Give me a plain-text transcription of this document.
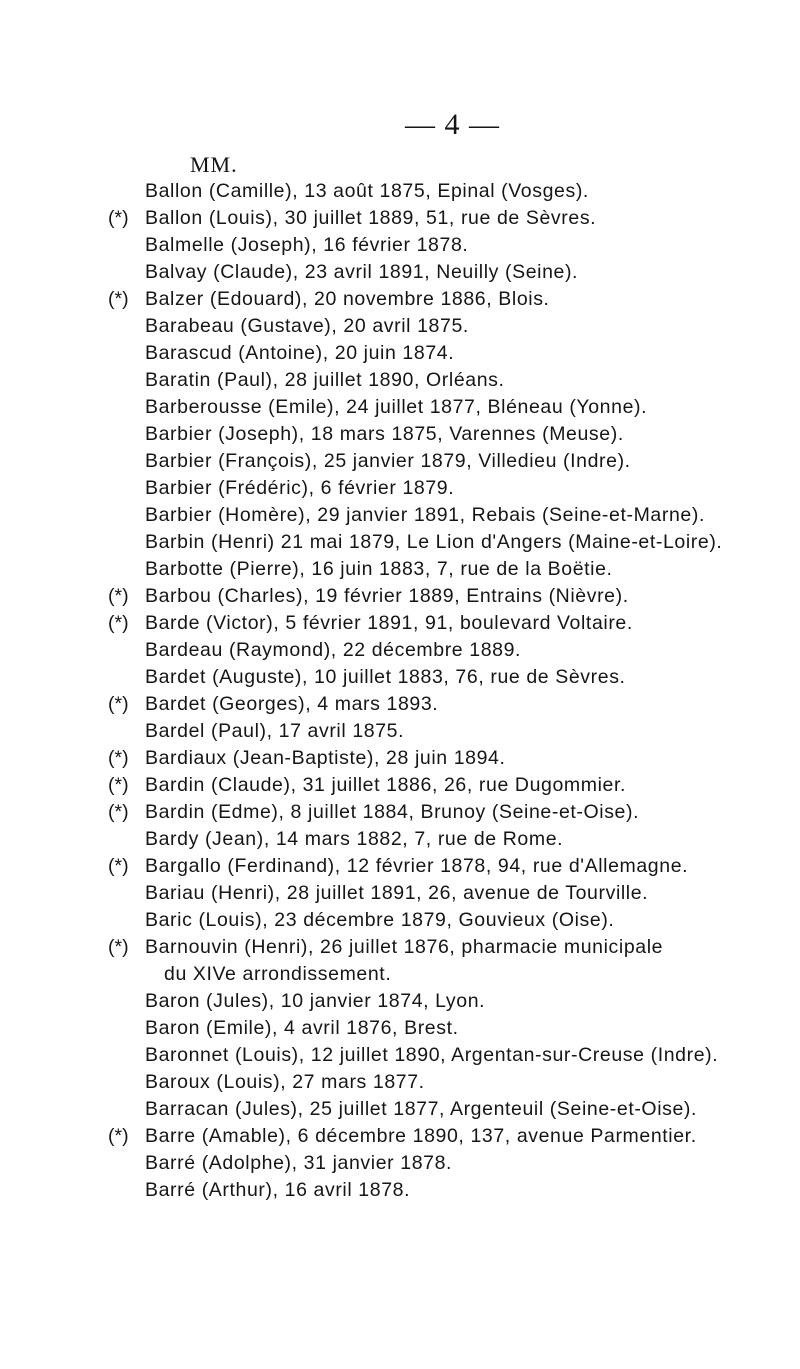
— 4 —
MM.
Ballon (Camille), 13 août 1875, Epinal (Vosges).
(*) Ballon (Louis), 30 juillet 1889, 51, rue de Sèvres.
Balmelle (Joseph), 16 février 1878.
Balvay (Claude), 23 avril 1891, Neuilly (Seine).
(*) Balzer (Edouard), 20 novembre 1886, Blois.
Barabeau (Gustave), 20 avril 1875.
Barascud (Antoine), 20 juin 1874.
Baratin (Paul), 28 juillet 1890, Orléans.
Barberousse (Emile), 24 juillet 1877, Bléneau (Yonne).
Barbier (Joseph), 18 mars 1875, Varennes (Meuse).
Barbier (François), 25 janvier 1879, Villedieu (Indre).
Barbier (Frédéric), 6 février 1879.
Barbier (Homère), 29 janvier 1891, Rebais (Seine-et-Marne).
Barbin (Henri) 21 mai 1879, Le Lion d'Angers (Maine-et-Loire).
Barbotte (Pierre), 16 juin 1883, 7, rue de la Boëtie.
(*) Barbou (Charles), 19 février 1889, Entrains (Nièvre).
(*) Barde (Victor), 5 février 1891, 91, boulevard Voltaire.
Bardeau (Raymond), 22 décembre 1889.
Bardet (Auguste), 10 juillet 1883, 76, rue de Sèvres.
(*) Bardet (Georges), 4 mars 1893.
Bardel (Paul), 17 avril 1875.
(*) Bardiaux (Jean-Baptiste), 28 juin 1894.
(*) Bardin (Claude), 31 juillet 1886, 26, rue Dugommier.
(*) Bardin (Edme), 8 juillet 1884, Brunoy (Seine-et-Oise).
Bardy (Jean), 14 mars 1882, 7, rue de Rome.
(*) Bargallo (Ferdinand), 12 février 1878, 94, rue d'Allemagne.
Bariau (Henri), 28 juillet 1891, 26, avenue de Tourville.
Baric (Louis), 23 décembre 1879, Gouvieux (Oise).
(*) Barnouvin (Henri), 26 juillet 1876, pharmacie municipale
du XIVe arrondissement.
Baron (Jules), 10 janvier 1874, Lyon.
Baron (Emile), 4 avril 1876, Brest.
Baronnet (Louis), 12 juillet 1890, Argentan-sur-Creuse (Indre).
Baroux (Louis), 27 mars 1877.
Barracan (Jules), 25 juillet 1877, Argenteuil (Seine-et-Oise).
(*) Barre (Amable), 6 décembre 1890, 137, avenue Parmentier.
Barré (Adolphe), 31 janvier 1878.
Barré (Arthur), 16 avril 1878.
